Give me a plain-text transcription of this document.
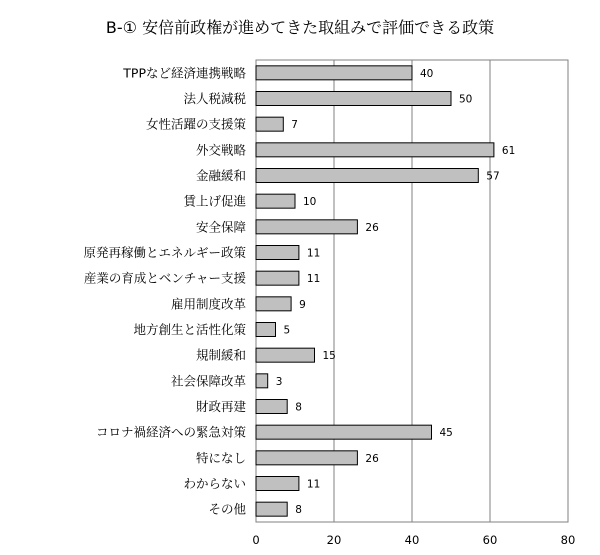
B-① 安倍前政権が進めてきた取組みで評価できる政策
TPPなど経済連携戦略
法人税減税
女性活躍の支援策
外交戦略
金融緩和
賃上げ促進
安全保障
原発再稼働とエネルギー政策
産業の育成とベンチャー支援
雇用制度改革
地方創生と活性化策
規制緩和
社会保障改革
財政再建
コロナ禍経済への緊急対策
特になし
わからない
その他
40
50
7
61
57
10
26
11
11
9
5
15
3
8
45
26
11
8
0	20	40	60	80
